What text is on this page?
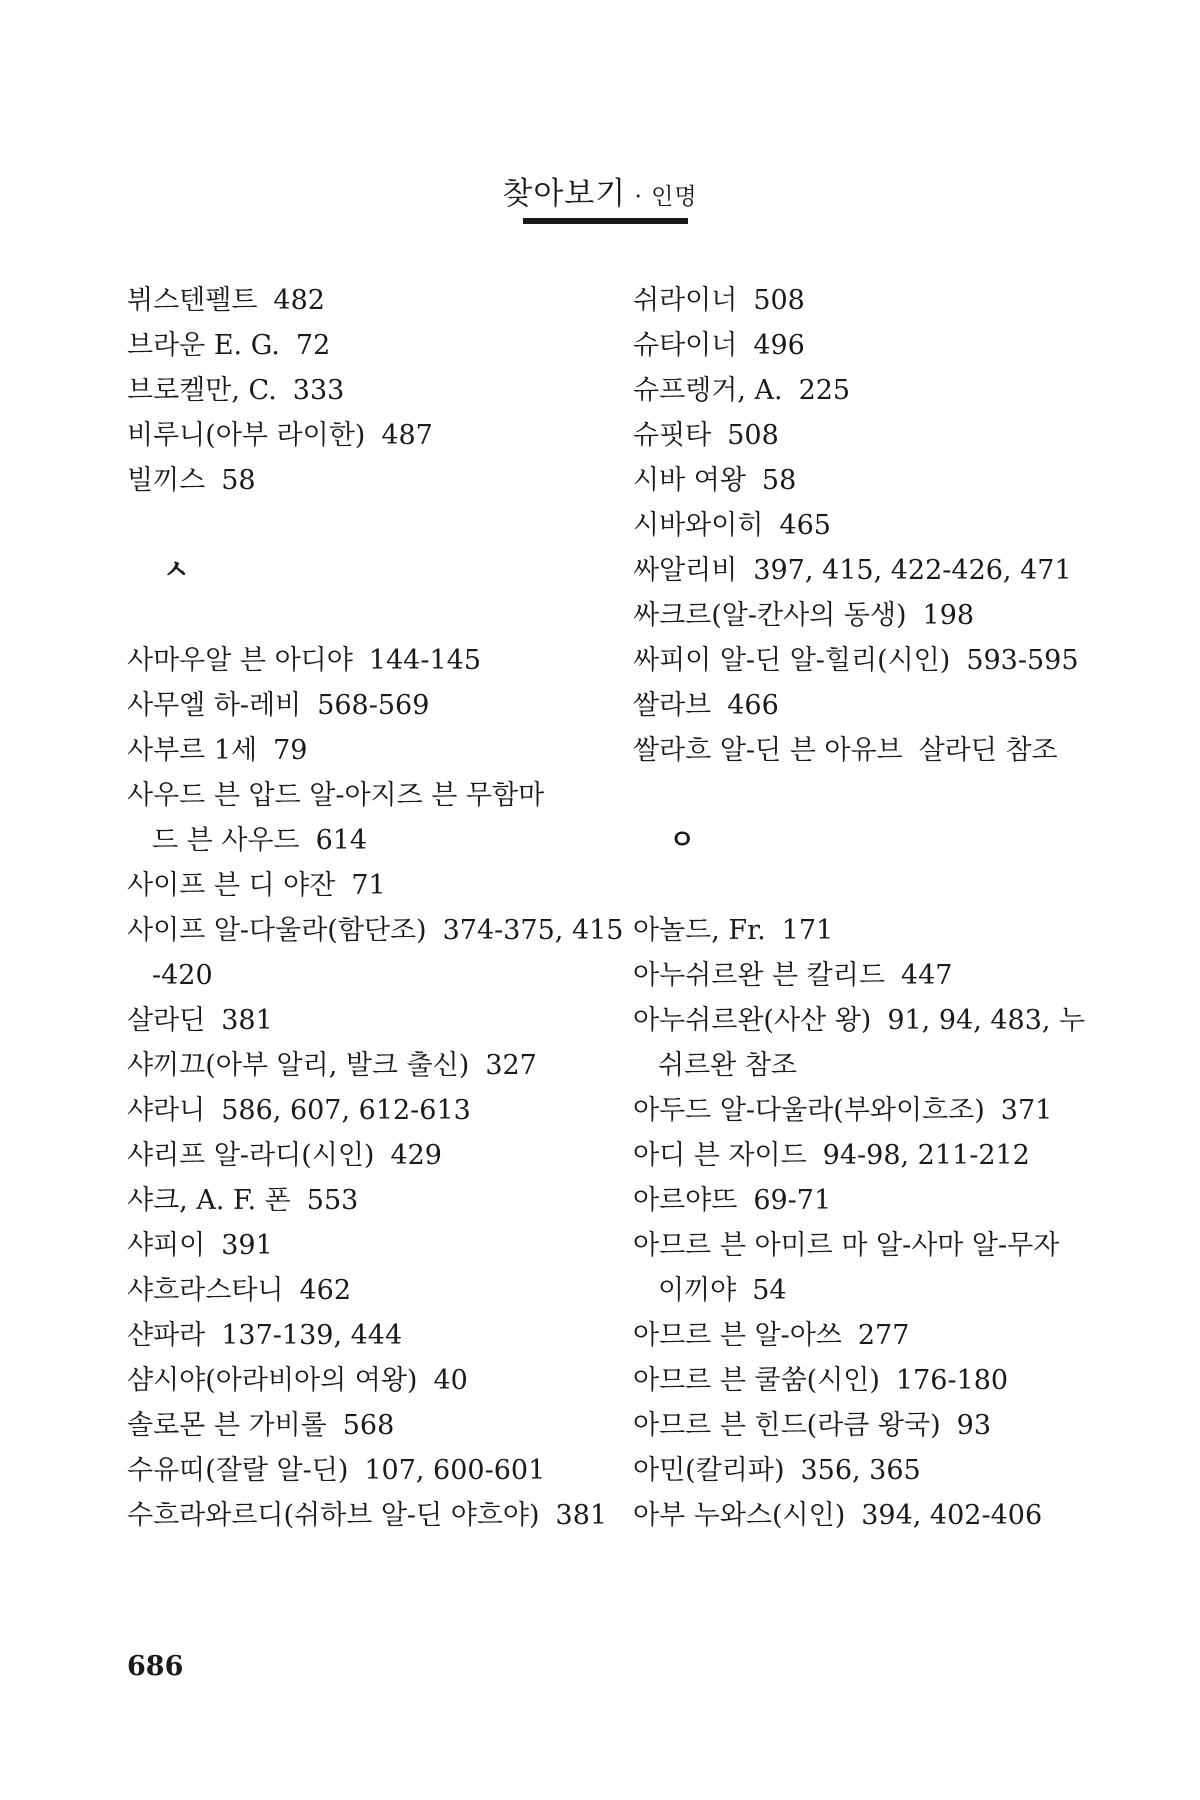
찾아보기 · 인명
뷔스텐펠트 482
브라운 E. G. 72
브로켈만, C. 333
비루니(아부 라이한) 487
빌끼스 58
ㅅ
사마우알 븐 아디야 144-145
사무엘 하-레비 568-569
사부르 1세 79
사우드 븐 압드 알-아지즈 븐 무함마
드 븐 사우드 614
사이프 븐 디 야잔 71
사이프 알-다울라(함단조) 374-375, 415
-420
살라딘 381
샤끼끄(아부 알리, 발크 출신) 327
샤라니 586, 607, 612-613
샤리프 알-라디(시인) 429
샤크, A. F. 폰 553
샤피이 391
샤흐라스타니 462
샨파라 137-139, 444
샴시야(아라비아의 여왕) 40
솔로몬 븐 가비롤 568
수유띠(잘랄 알-딘) 107, 600-601
수흐라와르디(쉬하브 알-딘 야흐야) 381
쉬라이너 508
슈타이너 496
슈프렝거, A. 225
슈핏타 508
시바 여왕 58
시바와이히 465
싸알리비 397, 415, 422-426, 471
싸크르(알-칸사의 동생) 198
싸피이 알-딘 알-힐리(시인) 593-595
쌀라브 466
쌀라흐 알-딘 븐 아유브 살라딘 참조
ㅇ
아놀드, Fr. 171
아누쉬르완 븐 칼리드 447
아누쉬르완(사산 왕) 91, 94, 483, 누
쉬르완 참조
아두드 알-다울라(부와이흐조) 371
아디 븐 자이드 94-98, 211-212
아르야뜨 69-71
아므르 븐 아미르 마 알-사마 알-무자
이끼야 54
아므르 븐 알-아쓰 277
아므르 븐 쿨쑴(시인) 176-180
아므르 븐 힌드(라큼 왕국) 93
아민(칼리파) 356, 365
아부 누와스(시인) 394, 402-406
686
